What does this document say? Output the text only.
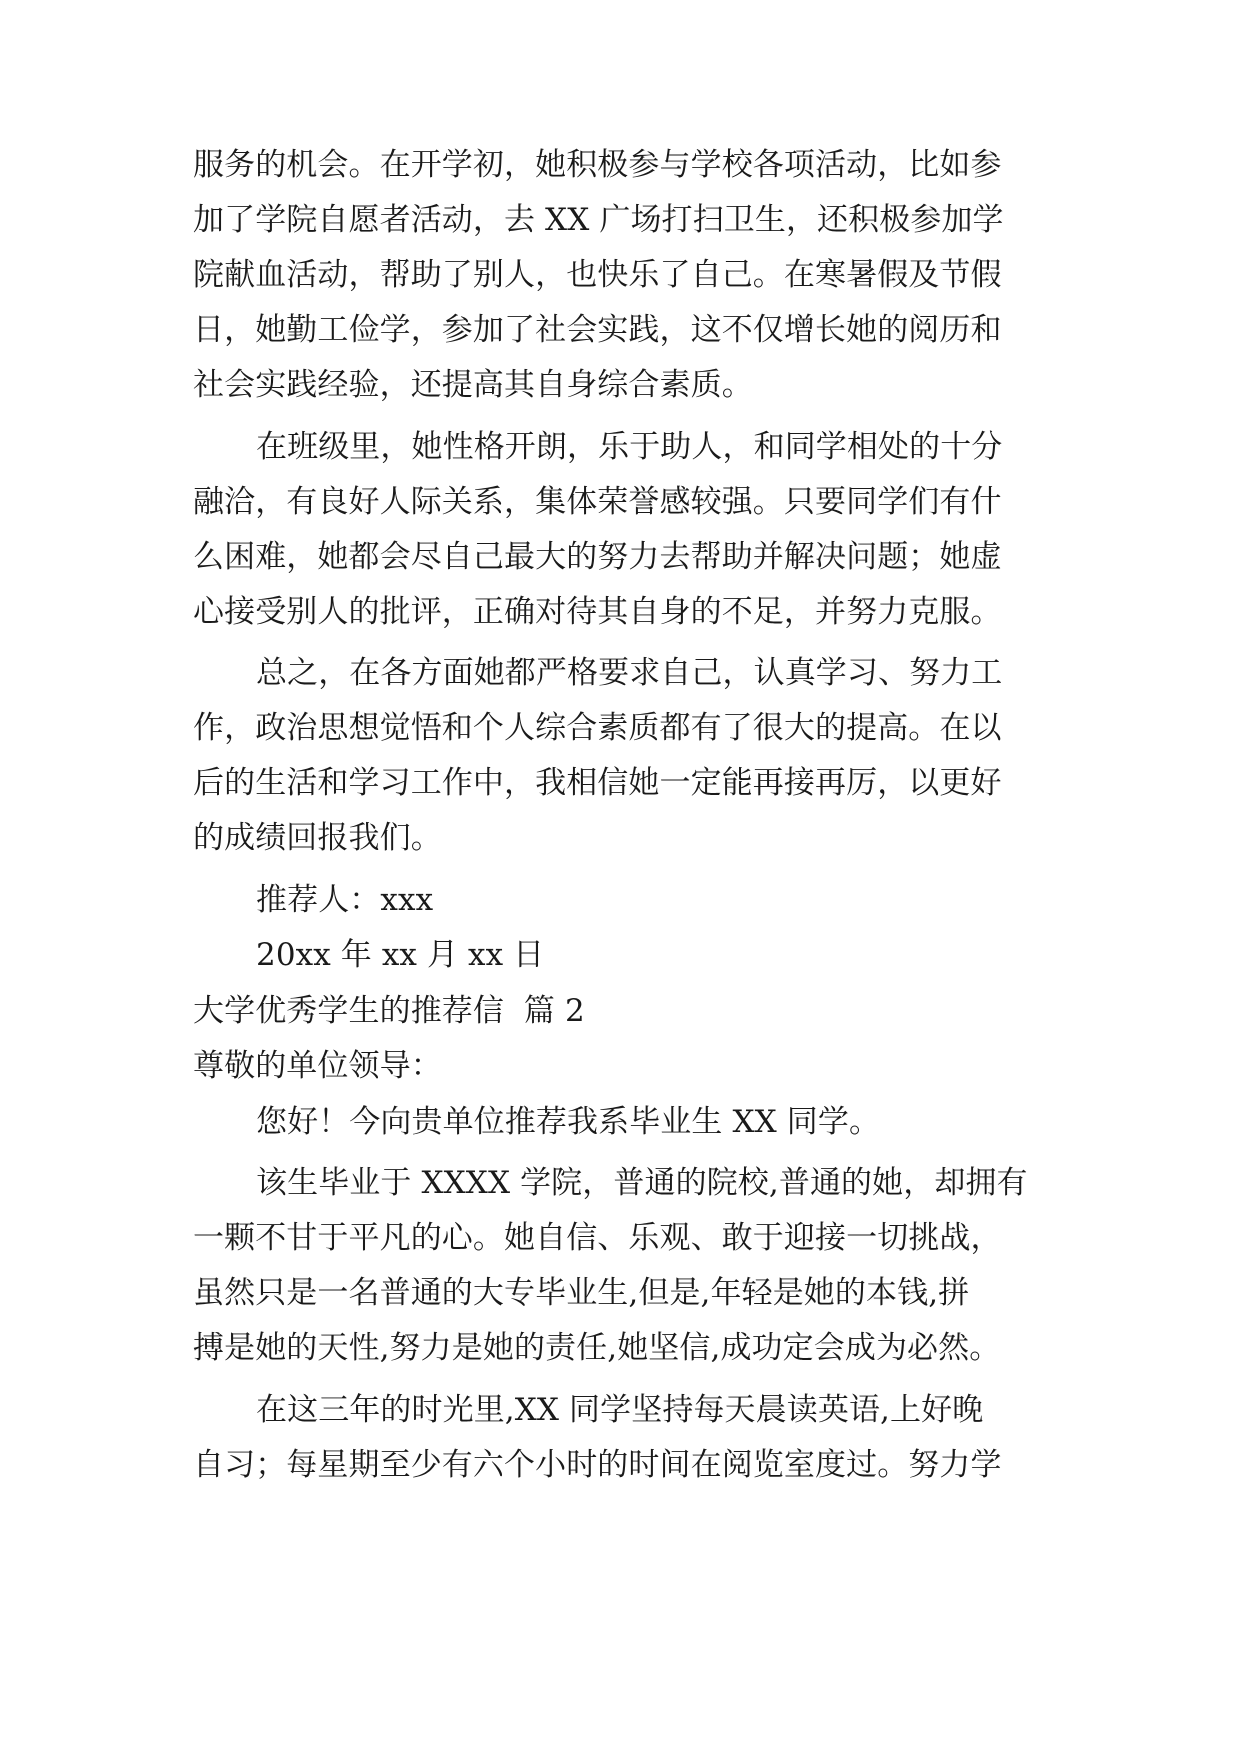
服务的机会。在开学初，她积极参与学校各项活动，比如参
加了学院自愿者活动，去 XX 广场打扫卫生，还积极参加学
院献血活动，帮助了别人，也快乐了自己。在寒暑假及节假
日，她勤工俭学，参加了社会实践，这不仅增长她的阅历和
社会实践经验，还提高其自身综合素质。
在班级里，她性格开朗，乐于助人，和同学相处的十分
融洽，有良好人际关系，集体荣誉感较强。只要同学们有什
么困难，她都会尽自己最大的努力去帮助并解决问题；她虚
心接受别人的批评，正确对待其自身的不足，并努力克服。
总之，在各方面她都严格要求自己，认真学习、努力工
作，政治思想觉悟和个人综合素质都有了很大的提高。在以
后的生活和学习工作中，我相信她一定能再接再厉，以更好
的成绩回报我们。
推荐人：xxx
20xx 年 xx 月 xx 日
大学优秀学生的推荐信  篇 2
尊敬的单位领导：
您好！今向贵单位推荐我系毕业生 XX 同学。
该生毕业于 XXXX 学院，普通的院校,普通的她，却拥有
一颗不甘于平凡的心。她自信、乐观、敢于迎接一切挑战，
虽然只是一名普通的大专毕业生,但是,年轻是她的本钱,拼
搏是她的天性,努力是她的责任,她坚信,成功定会成为必然。
在这三年的时光里,XX 同学坚持每天晨读英语,上好晚
自习；每星期至少有六个小时的时间在阅览室度过。努力学
